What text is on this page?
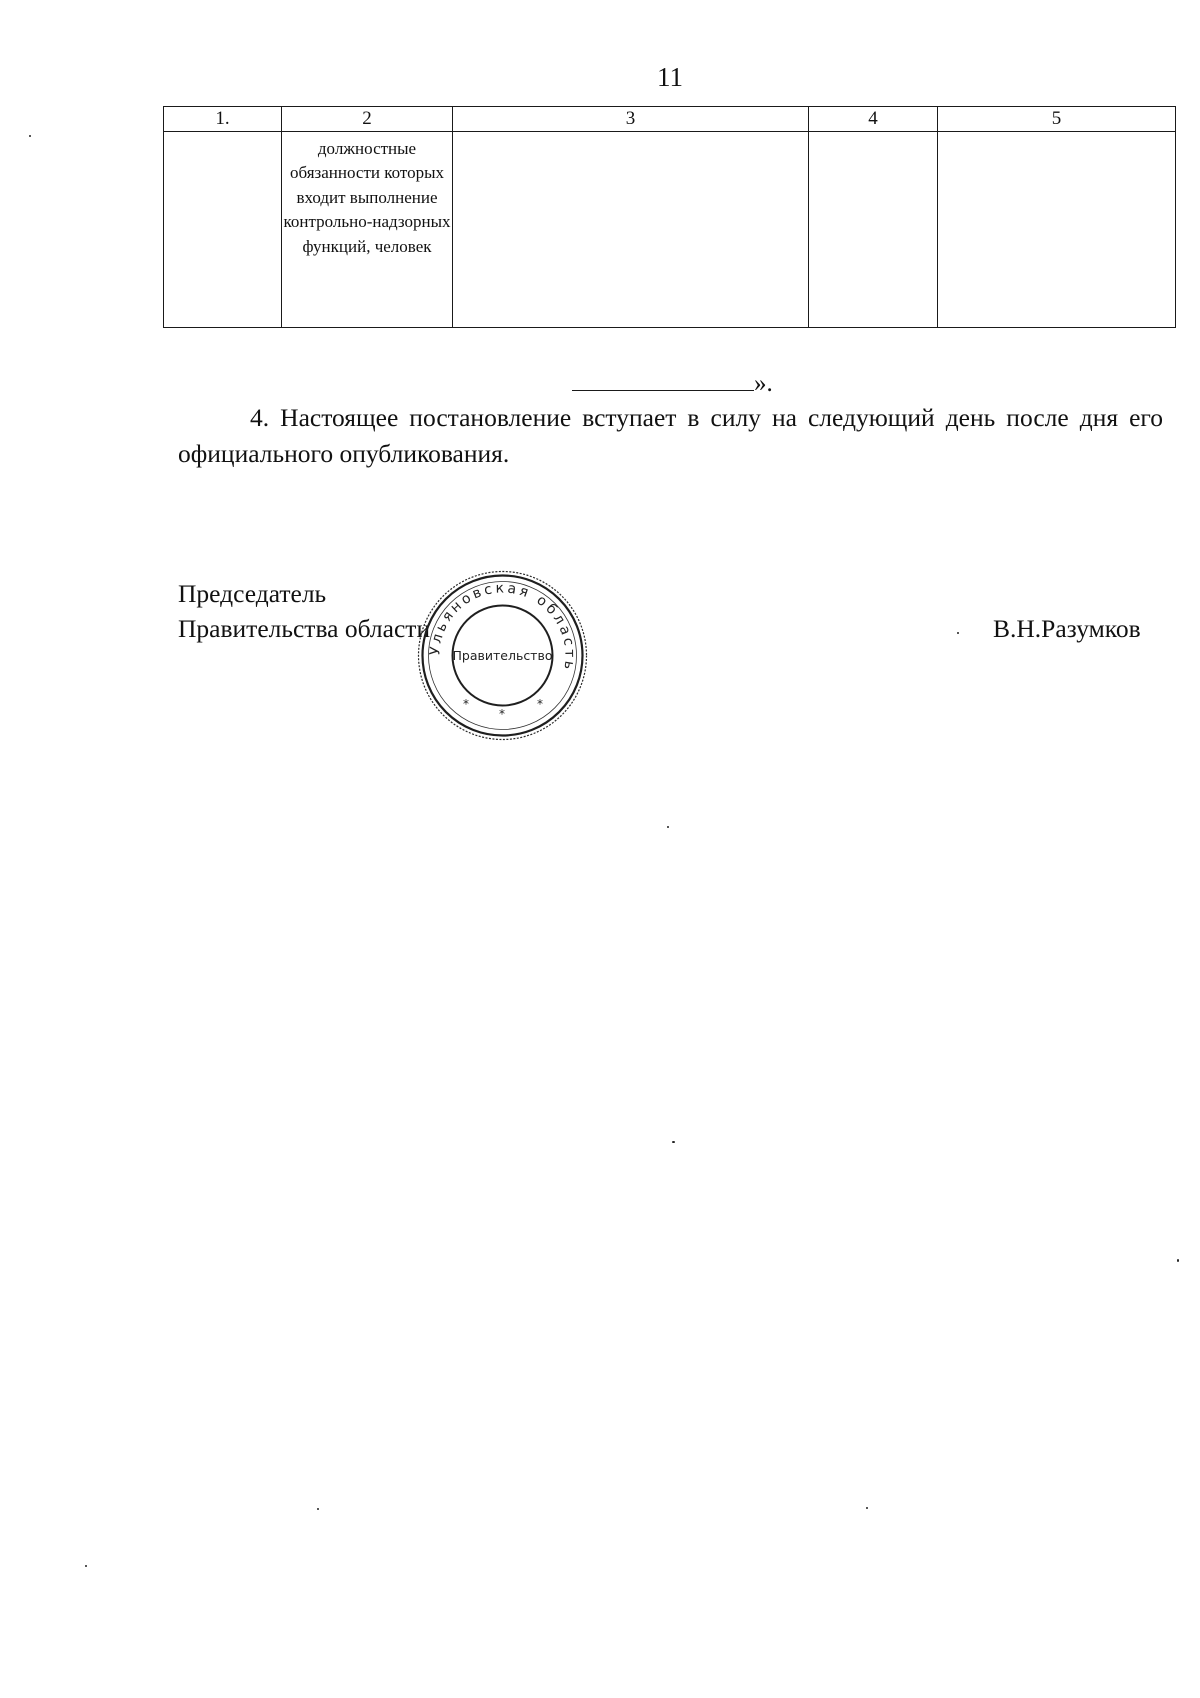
11
1.	2	3	4	5

	должностные обязанности которых входит выполнение контрольно-надзорных функций, человек			

».
4. Настоящее постановление вступает в силу на следующий день после дня его официального опубликования.
Председатель
Правительства области	В.Н.Разумков
Ульяновская область
Правительство
*
*
*
